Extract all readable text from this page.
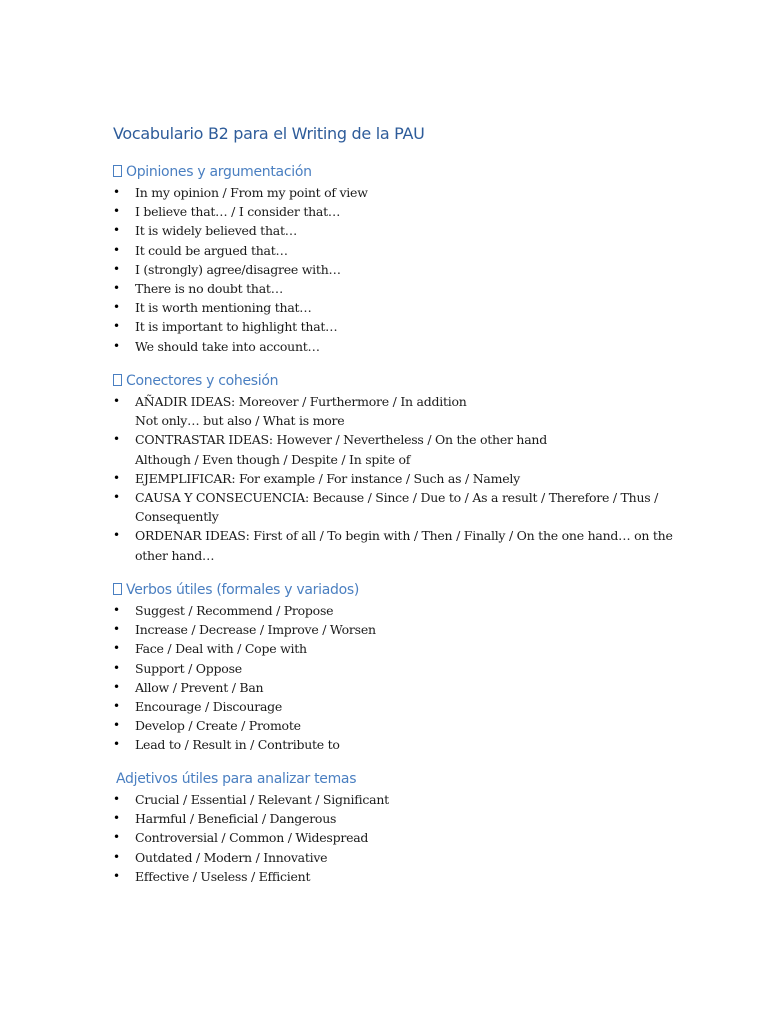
Vocabulario B2 para el Writing de la PAU
Opiniones y argumentación
• In my opinion / From my point of view
• I believe that… / I consider that…
• It is widely believed that…
• It could be argued that…
• I (strongly) agree/disagree with…
• There is no doubt that…
• It is worth mentioning that…
• It is important to highlight that…
• We should take into account…
Conectores y cohesión
• AÑADIR IDEAS: Moreover / Furthermore / In addition
Not only… but also / What is more
• CONTRASTAR IDEAS: However / Nevertheless / On the other hand
Although / Even though / Despite / In spite of
• EJEMPLIFICAR: For example / For instance / Such as / Namely
• CAUSA Y CONSECUENCIA: Because / Since / Due to / As a result / Therefore / Thus /
Consequently
• ORDENAR IDEAS: First of all / To begin with / Then / Finally / On the one hand… on the
other hand…
Verbos útiles (formales y variados)
• Suggest / Recommend / Propose
• Increase / Decrease / Improve / Worsen
• Face / Deal with / Cope with
• Support / Oppose
• Allow / Prevent / Ban
• Encourage / Discourage
• Develop / Create / Promote
• Lead to / Result in / Contribute to
Adjetivos útiles para analizar temas
• Crucial / Essential / Relevant / Significant
• Harmful / Beneficial / Dangerous
• Controversial / Common / Widespread
• Outdated / Modern / Innovative
• Effective / Useless / Efficient
